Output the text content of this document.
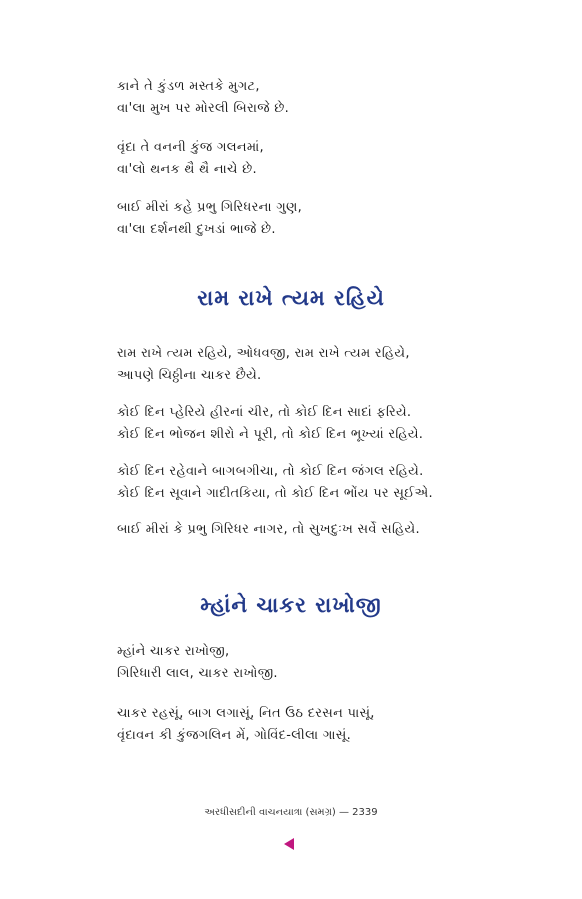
કાને તે કુંડળ મસ્તકે મુગટ,
વા'લા મુખ પર મોરલી બિરાજે છે.
વૃંદા તે વનની કુંજ ગલનમાં,
વા'લો થનક થૈ થૈ નાચે છે.
બાઈ મીરાં કહે પ્રભુ ગિરિધરના ગુણ,
વા'લા દર્શનથી દુખડાં ભાજે છે.
રામ રાખે ત્યમ રહિયે
રામ રાખે ત્યમ રહિયે, ઓધવજી, રામ રાખે ત્યમ રહિયે,
આપણે ચિઠ્ઠીના ચાકર છૈયે.
કોઈ દિન પ્હેરિયે હીરનાં ચીર, તો કોઈ દિન સાદાં ફરિયે.
કોઈ દિન ભોજન શીરો ને પૂરી, તો કોઈ દિન ભૂખ્યાં રહિયે.
કોઈ દિન રહેવાને બાગબગીચા, તો કોઈ દિન જંગલ રહિયે.
કોઈ દિન સૂવાને ગાદીતકિયા, તો કોઈ દિન ભોંય પર સૂઈએ.
બાઈ મીરાં કે પ્રભુ ગિરિધર નાગર, તો સુખદુઃખ સર્વે સહિયે.
મ્હાંને ચાકર રાખોજી
મ્હાંને ચાકર રાખોજી,
ગિરિધારી લાલ, ચાકર રાખોજી.
ચાકર રહસૂં, બાગ લગાસૂં, નિત ઉઠ દરસન પાસૂં,
વૃંદાવન કી કુંજગલિન મેં, ગોવિંદ-લીલા ગાસૂં.
અરધીસદીની વાચનયાત્રા (સમગ્ર) — 2339
